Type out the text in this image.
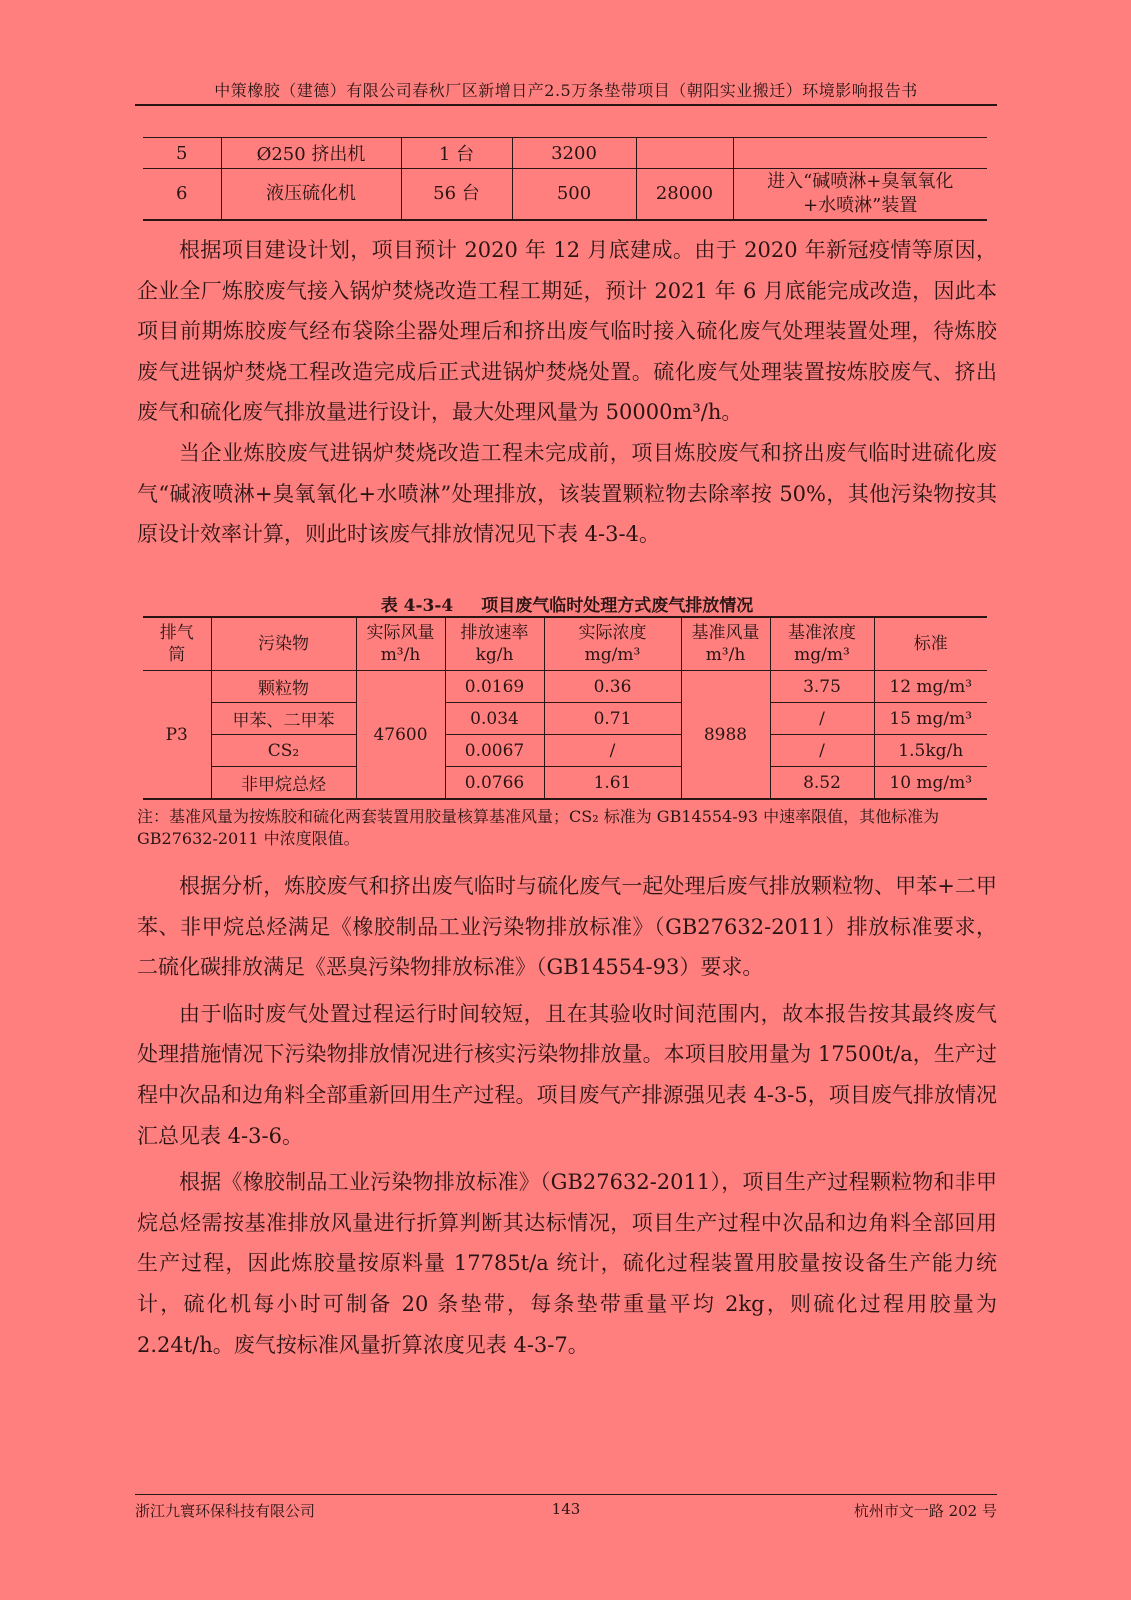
中策橡胶（建德）有限公司春秋厂区新增日产2.5万条垫带项目（朝阳实业搬迁）环境影响报告书
5	Ø250 挤出机	1 台	3200		
6	液压硫化机	56 台	500	28000	进入“碱喷淋+臭氧氧化+水喷淋”装置

根据项目建设计划，项目预计 2020 年 12 月底建成。由于 2020 年新冠疫情等原因，企业全厂炼胶废气接入锅炉焚烧改造工程工期延，预计 2021 年 6 月底能完成改造，因此本项目前期炼胶废气经布袋除尘器处理后和挤出废气临时接入硫化废气处理装置处理，待炼胶废气进锅炉焚烧工程改造完成后正式进锅炉焚烧处置。硫化废气处理装置按炼胶废气、挤出废气和硫化废气排放量进行设计，最大处理风量为 50000m³/h。

当企业炼胶废气进锅炉焚烧改造工程未完成前，项目炼胶废气和挤出废气临时进硫化废气“碱液喷淋+臭氧氧化+水喷淋”处理排放，该装置颗粒物去除率按 50%，其他污染物按其原设计效率计算，则此时该废气排放情况见下表 4-3-4。

表 4-3-4 项目废气临时处理方式废气排放情况
排气筒	污染物	实际风量 m³/h	排放速率 kg/h	实际浓度 mg/m³	基准风量 m³/h	基准浓度 mg/m³	标准
P3	颗粒物	47600	0.0169	0.36	8988	3.75	12 mg/m³
	甲苯、二甲苯		0.034	0.71		/	15 mg/m³
	CS₂		0.0067	/		/	1.5kg/h
	非甲烷总烃		0.0766	1.61		8.52	10 mg/m³
注：基准风量为按炼胶和硫化两套装置用胶量核算基准风量；CS₂ 标准为 GB14554-93 中速率限值，其他标准为 GB27632-2011 中浓度限值。

根据分析，炼胶废气和挤出废气临时与硫化废气一起处理后废气排放颗粒物、甲苯+二甲苯、非甲烷总烃满足《橡胶制品工业污染物排放标准》（GB27632-2011）排放标准要求，二硫化碳排放满足《恶臭污染物排放标准》（GB14554-93）要求。

由于临时废气处置过程运行时间较短，且在其验收时间范围内，故本报告按其最终废气处理措施情况下污染物排放情况进行核实污染物排放量。本项目胶用量为 17500t/a，生产过程中次品和边角料全部重新回用生产过程。项目废气产排源强见表 4-3-5，项目废气排放情况汇总见表 4-3-6。

根据《橡胶制品工业污染物排放标准》（GB27632-2011），项目生产过程颗粒物和非甲烷总烃需按基准排放风量进行折算判断其达标情况，项目生产过程中次品和边角料全部回用生产过程，因此炼胶量按原料量 17785t/a 统计，硫化过程装置用胶量按设备生产能力统计，硫化机每小时可制备 20 条垫带，每条垫带重量平均 2kg，则硫化过程用胶量为 2.24t/h。废气按标准风量折算浓度见表 4-3-7。

浙江九寰环保科技有限公司	143	杭州市文一路 202 号
